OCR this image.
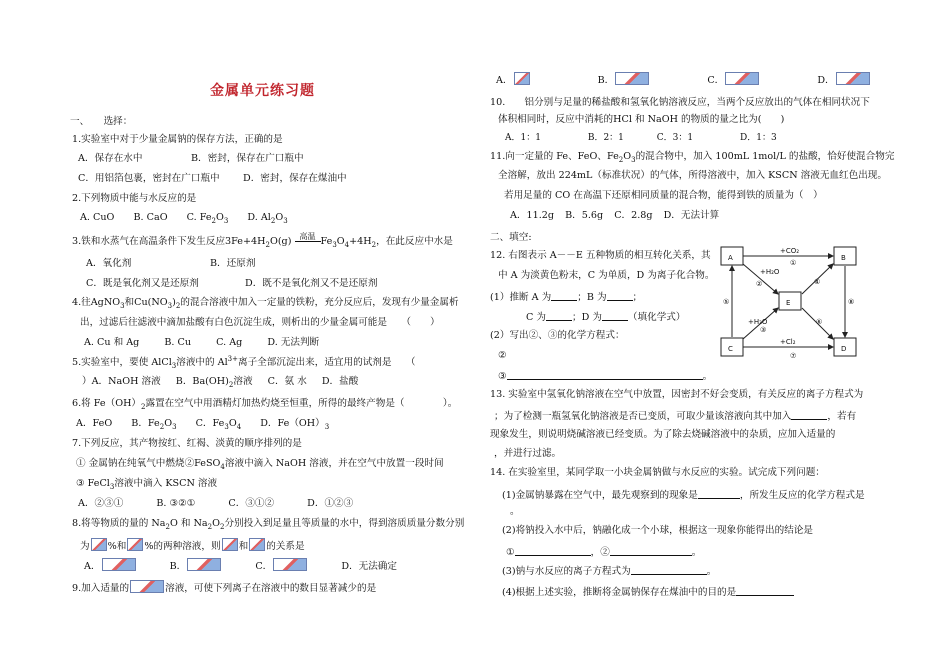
金属单元练习题
一、　　选择：
1.实验室中对于少量金属钠的保存方法，正确的是
A．保存在水中	B．密封，保存在广口瓶中
C．用铝箔包裹，密封在广口瓶中 D．密封，保存在煤油中
2.下列物质中能与水反应的是
A. CuO B. CaO C. $Fe_2O_3$ D. $Al_2O_3$
3.铁和水蒸气在高温条件下发生反应$3Fe+4H_2O(g)$ 高温 $Fe_3O_4+4H_2$，在此反应中水是
A．氧化剂	B．还原剂
C．既是氧化剂又是还原剂	D．既不是氧化剂又不是还原剂
4.往AgNO$_3$和$Cu(NO_3)_2$的混合溶液中加入一定量的铁粉，充分反应后，发现有少量金属析
出，过滤后往滤液中滴加盐酸有白色沉淀生成，则析出的少量金属可能是　　（　　）
A. Cu 和 Ag	B. Cu	C. Ag	D. 无法判断
5.实验室中，要使 AlCl$_3$溶液中的 $Al^{3+}$离子全部沉淀出来，适宜用的试剂是　　（
）A．NaOH 溶液 B．$Ba(OH)_2$溶液 C．氨 水 D．盐酸
6.将 $Fe(OH)_2$露置在空气中用酒精灯加热灼烧至恒重，所得的最终产物是（　　　　）。
A．FeO B．$Fe_2O_3$ C．$Fe_3O_4$ D．$Fe(OH)_3$
7.下列反应，其产物按红、红褐、淡黄的顺序排列的是
① 金属钠在纯氧气中燃烧②FeSO$_4$溶液中滴入 NaOH 溶液，并在空气中放置一段时间
③ FeCl$_3$溶液中滴入 KSCN 溶液
A．②③①	B. ③②①	C．③①②	D．①②③
8.将等物质的量的 $Na_2O$ 和 $Na_2O_2$分别投入到足量且等质量的水中，得到溶质质量分数分别
为 %和 %的两种溶液，则 和 的关系是
A．	B．	C．	D．无法确定
9.加入适量的	溶液，可使下列离子在溶液中的数目显著减少的是
A．	B．	C．	D．
10.　　铝分别与足量的稀盐酸和氢氧化钠溶液反应，当两个反应放出的气体在相同状况下
体积相同时，反应中消耗的HCl 和 NaOH 的物质的量之比为(　　)
A．1：1	B．2：1	C．3：1	D．1：3
11.向一定量的 Fe、FeO、$Fe_2O_3$的混合物中，加入 100mL 1mol/L 的盐酸，恰好使混合物完
全溶解，放出 224mL（标准状况）的气体，所得溶液中，加入 KSCN 溶液无血红色出现。
若用足量的 CO 在高温下还原相同质量的混合物，能得到铁的质量为（　）
A．11.2g B．5.6g C．2.8g D．无法计算
二、填空:
12. 右图表示 A－－E 五种物质的相互转化关系，其
中 A 为淡黄色粉末，C 为单质，D 为离子化合物。
(1）推断 A 为	；B 为	；
C 为	；D 为	（填化学式）
(2）写出②、③的化学方程式：
②
③	。
A	B
C	D
E
+CO₂
+H₂O
+H₂O
+Cl₂
①
②
③
④
⑤
⑥
⑦
⑧
13. 实验室中氢氧化钠溶液在空气中放置，因密封不好会变质，有关反应的离子方程式为
；为了检测一瓶氢氧化钠溶液是否已变质，可取少量该溶液向其中加入	，若有
现象发生，则说明烧碱溶液已经变质。为了除去烧碱溶液中的杂质，应加入适量的
，并进行过滤。
14. 在实验室里，某同学取一小块金属钠做与水反应的实验。试完成下列问题：
(1)金属钠暴露在空气中，最先观察到的现象是	，所发生反应的化学方程式是
。
(2)将钠投入水中后，钠融化成一个小球，根据这一现象你能得出的结论是
①	，②	。
(3)钠与水反应的离子方程式为	。
(4)根据上述实验，推断将金属钠保存在煤油中的目的是
